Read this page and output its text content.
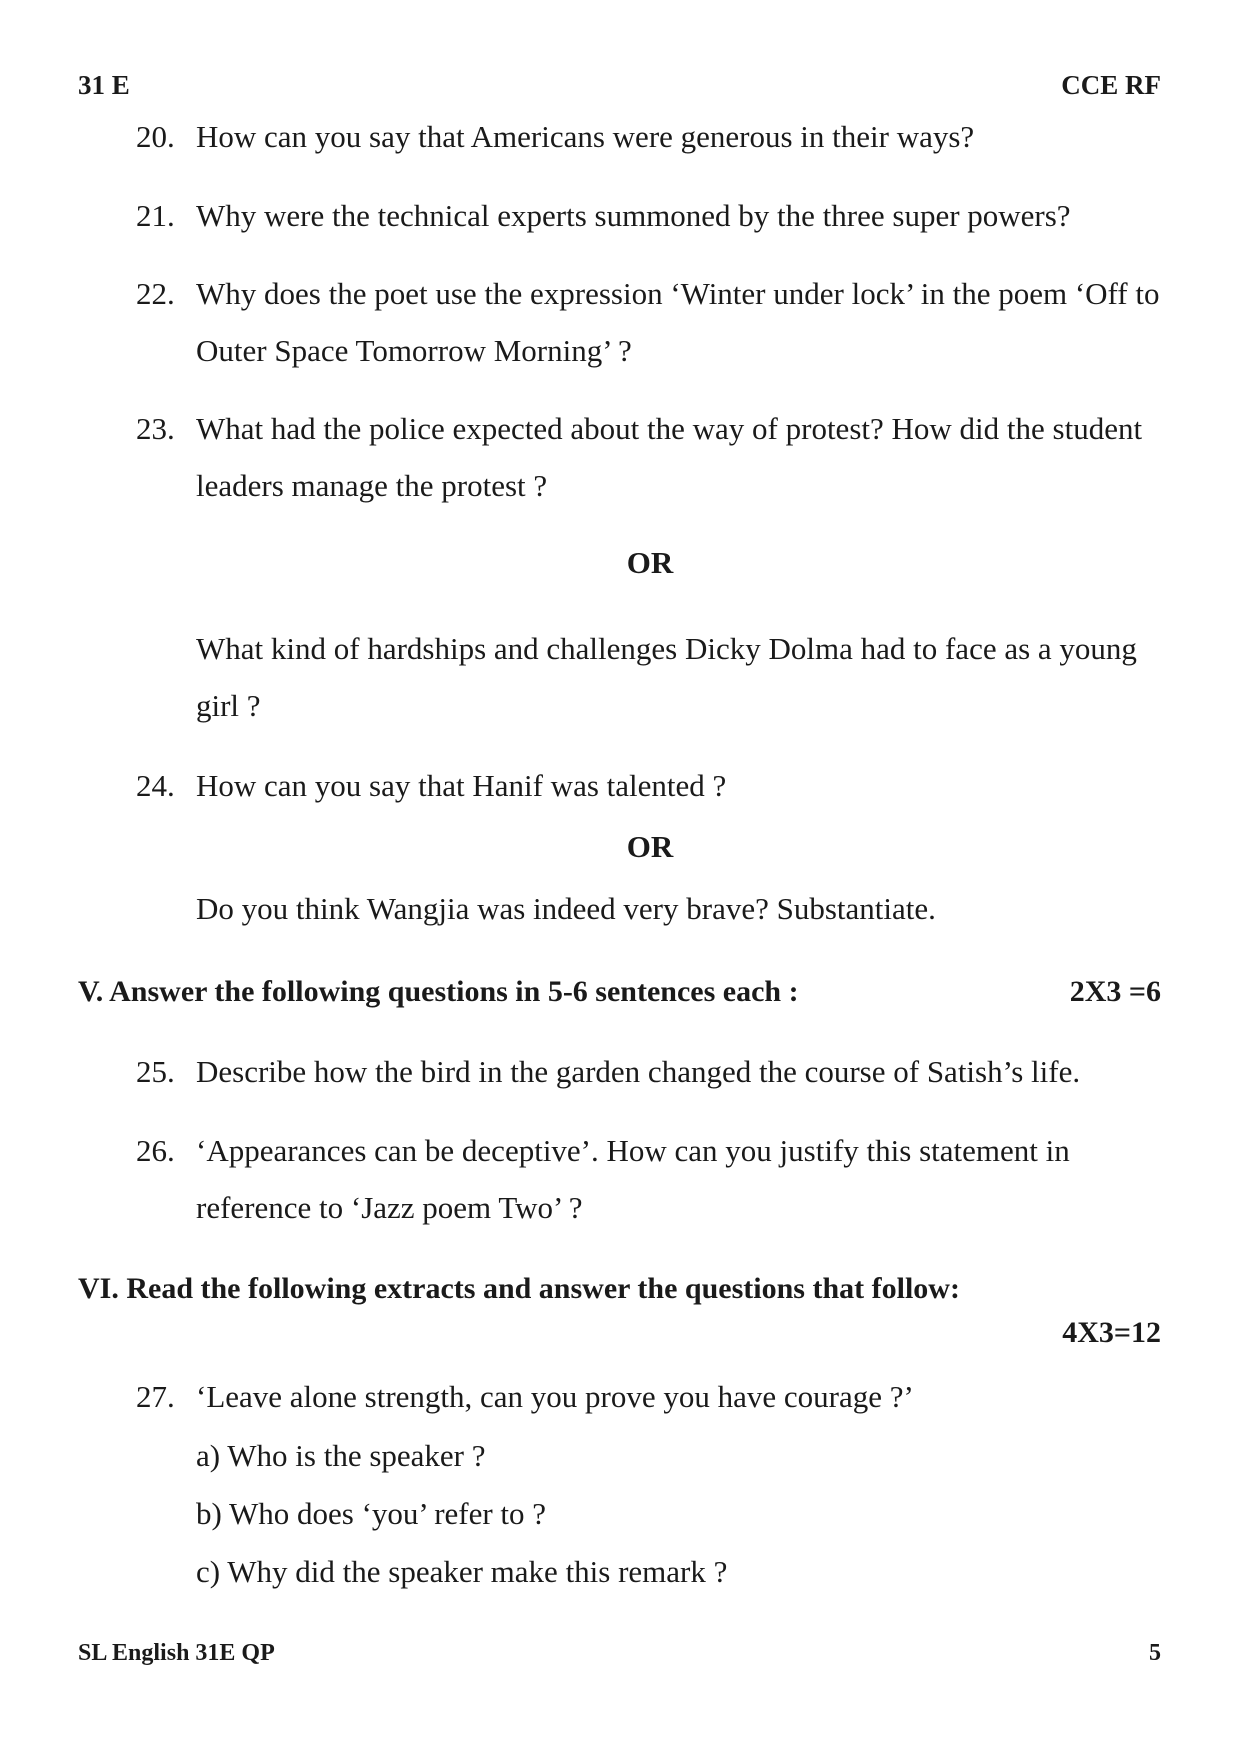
31 E	CCE RF
20. How can you say that Americans were generous in their ways?
21. Why were the technical experts summoned by the three super powers?
22. Why does the poet use the expression ‘Winter under lock’ in the poem ‘Off to Outer Space Tomorrow Morning’ ?
23. What had the police expected about the way of protest? How did the student leaders manage the protest ?
OR
What kind of hardships and challenges Dicky Dolma had to face as a young girl ?
24. How can you say that Hanif was talented ?
OR
Do you think Wangjia was indeed very brave? Substantiate.
V. Answer the following questions in 5-6 sentences each :	2X3 =6
25. Describe how the bird in the garden changed the course of Satish’s life.
26. ‘Appearances can be deceptive’. How can you justify this statement in reference to ‘Jazz poem Two’ ?
VI. Read the following extracts and answer the questions that follow:
4X3=12
27. ‘Leave alone strength, can you prove you have courage ?’
a) Who is the speaker ?
b) Who does ‘you’ refer to ?
c) Why did the speaker make this remark ?
SL English 31E QP	5
